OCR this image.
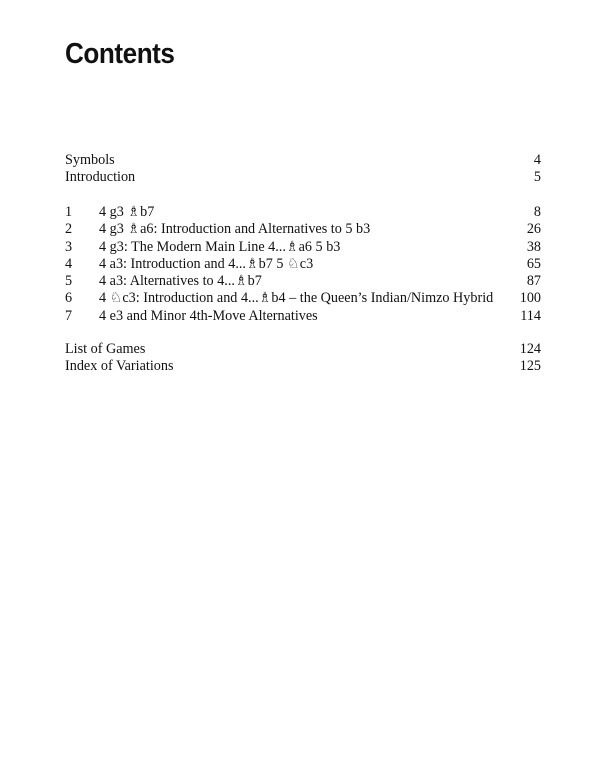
Contents
Symbols	4
Introduction	5
1	4 g3 ♗b7	8
2	4 g3 ♗a6: Introduction and Alternatives to 5 b3	26
3	4 g3: The Modern Main Line 4...♗a6 5 b3	38
4	4 a3: Introduction and 4...♗b7 5 ♘c3	65
5	4 a3: Alternatives to 4...♗b7	87
6	4 ♘c3: Introduction and 4...♗b4 – the Queen’s Indian/Nimzo Hybrid	100
7	4 e3 and Minor 4th-Move Alternatives	114
List of Games	124
Index of Variations	125
